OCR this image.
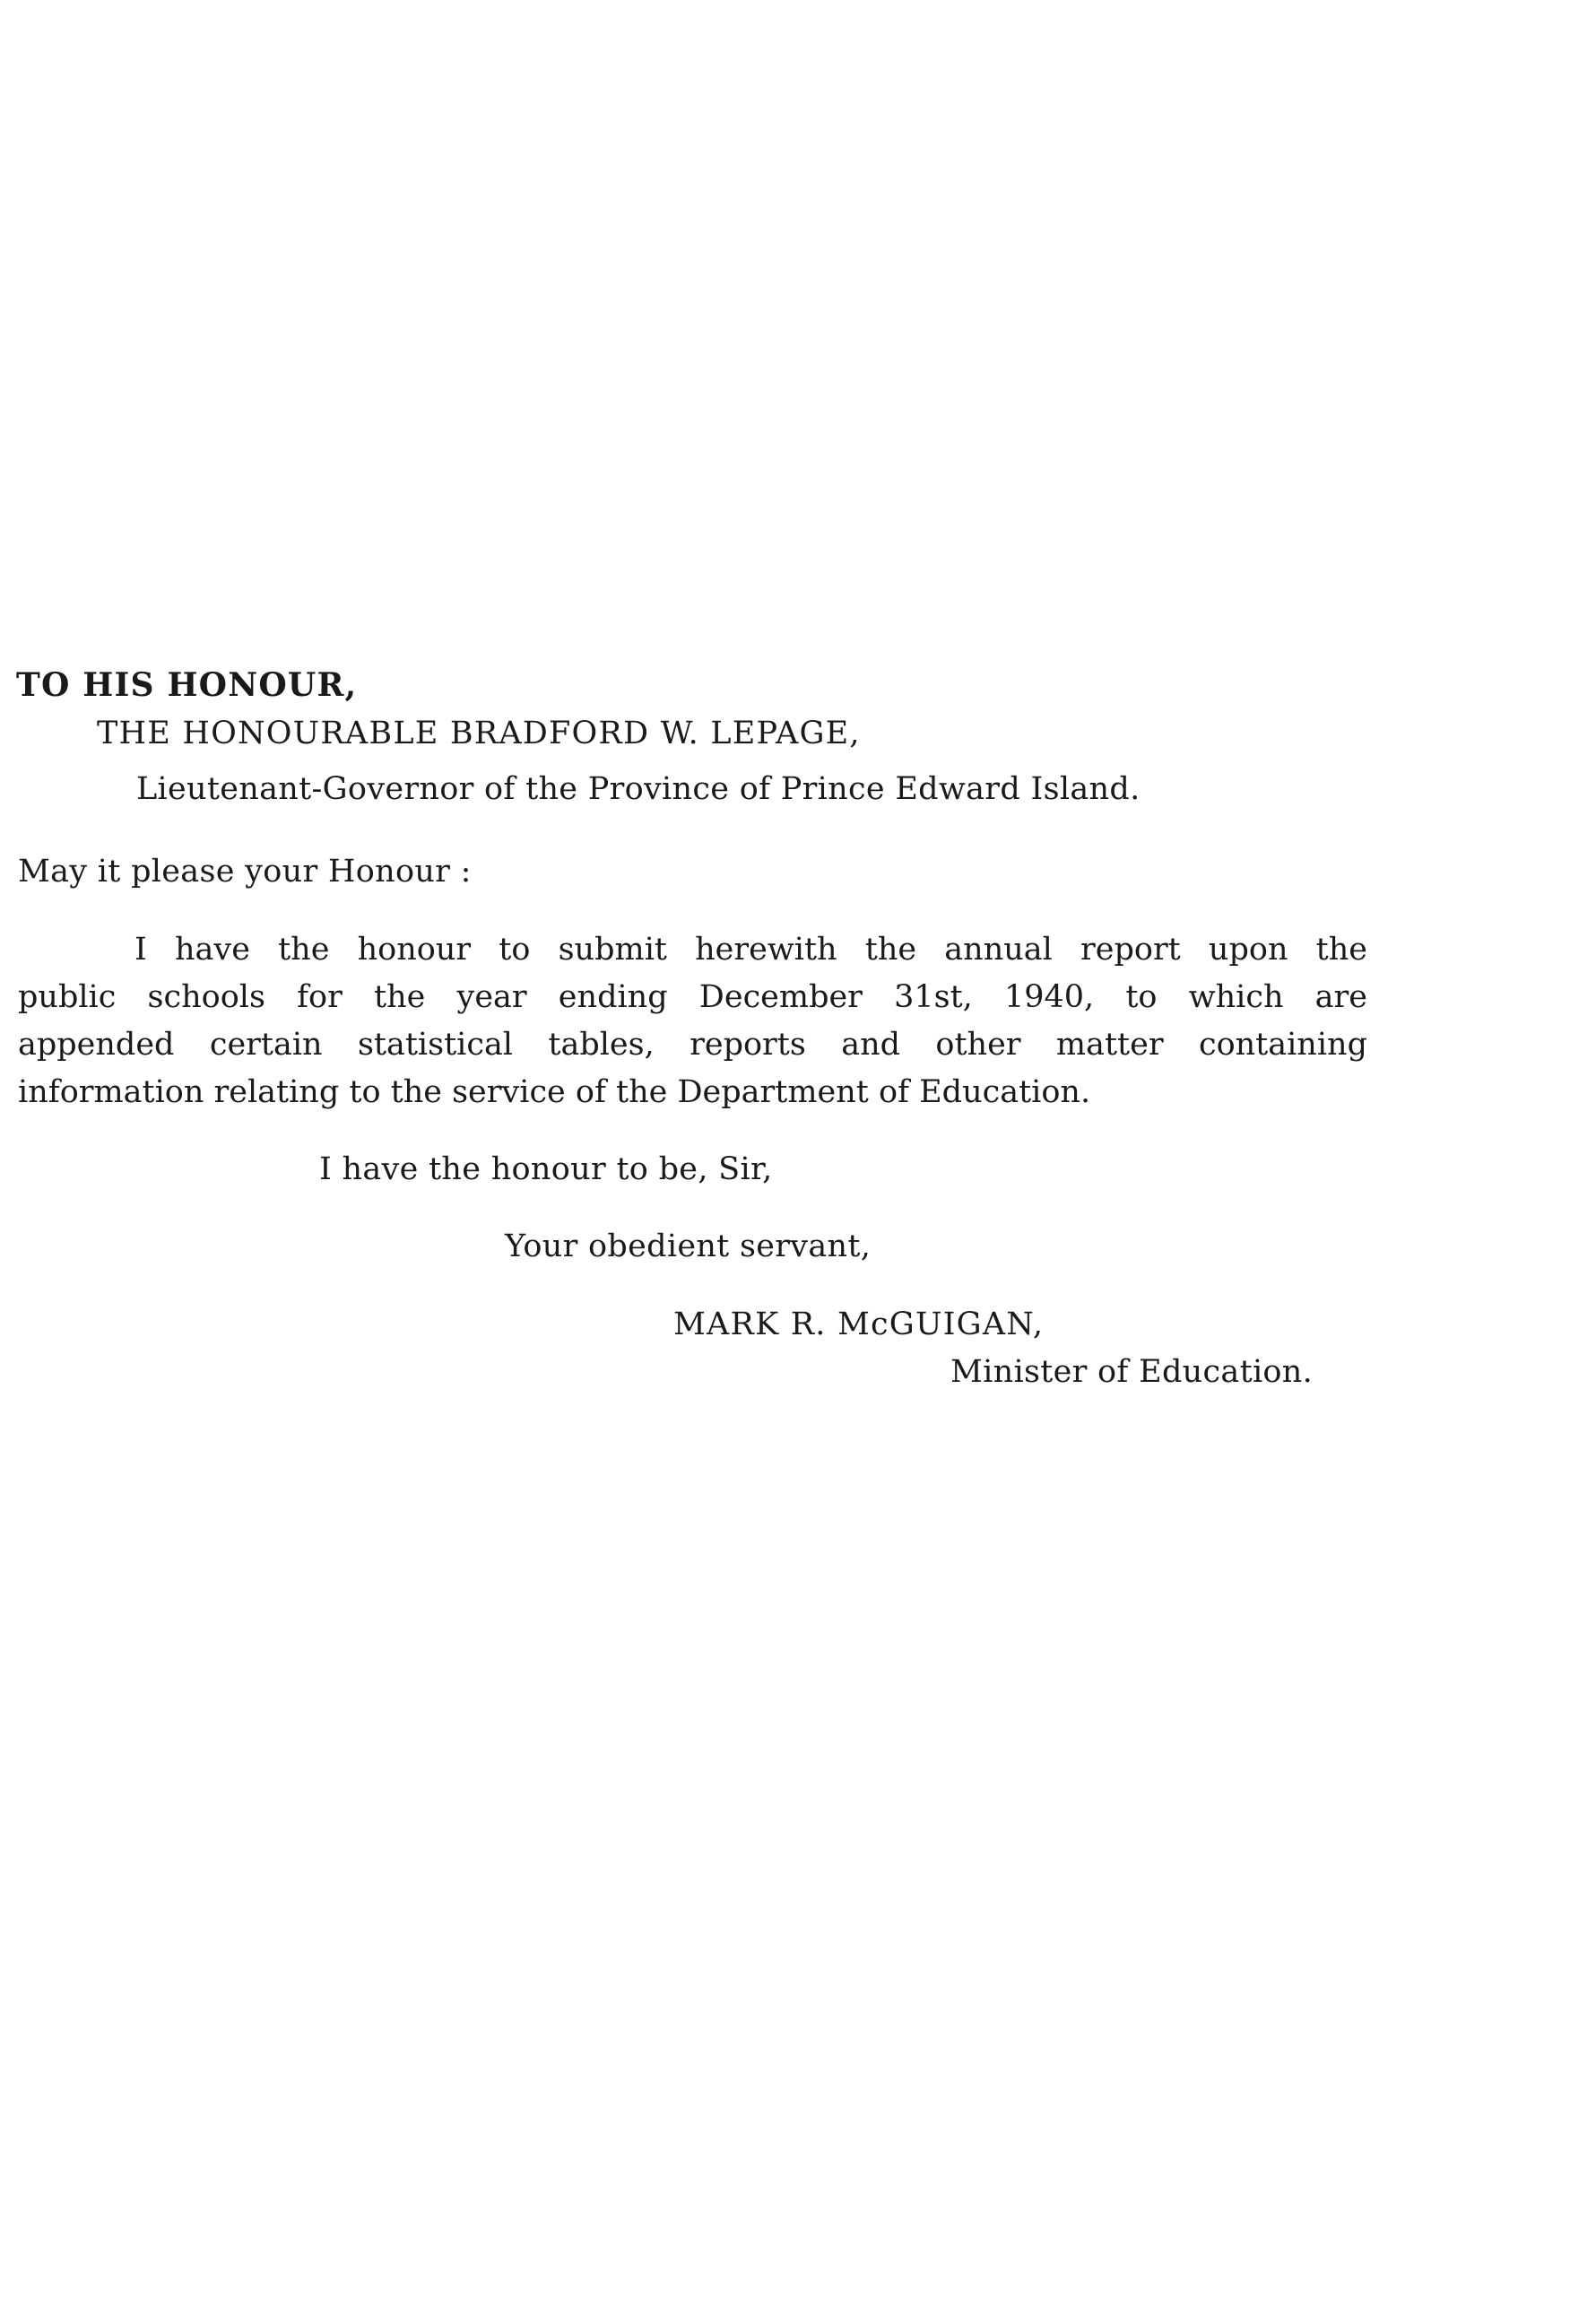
TO HIS HONOUR,
THE HONOURABLE BRADFORD W. LEPAGE,
Lieutenant-Governor of the Province of Prince Edward Island.
May it please your Honour :
I have the honour to submit herewith the annual report upon the
public schools for the year ending December 31st, 1940, to which are
appended certain statistical tables, reports and other matter containing
information relating to the service of the Department of Education.
I have the honour to be, Sir,
Your obedient servant,
MARK R. McGUIGAN,
Minister of Education.
